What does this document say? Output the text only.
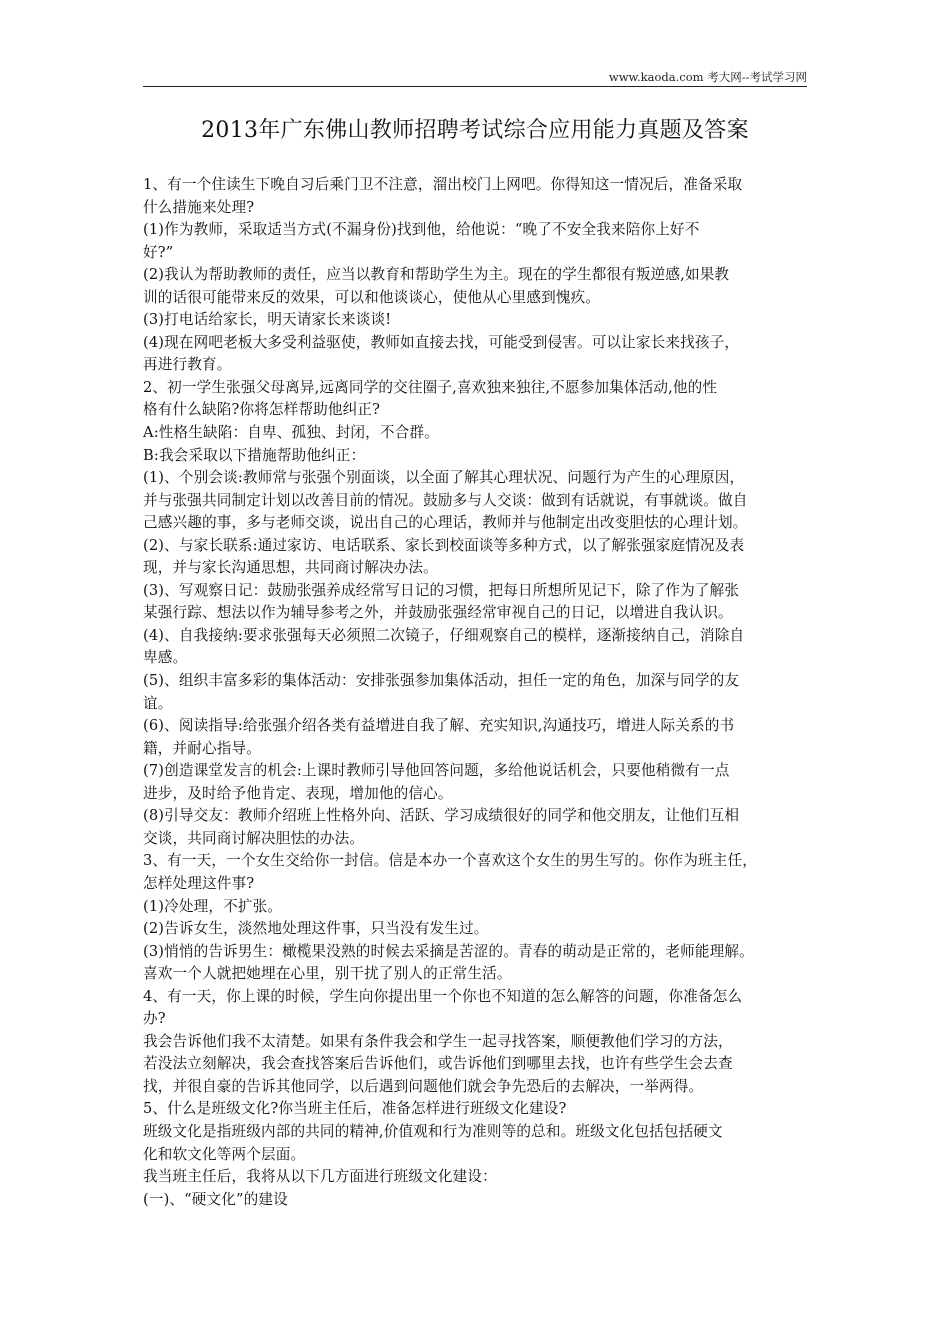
www.kaoda.com 考大网--考试学习网
2013年广东佛山教师招聘考试综合应用能力真题及答案

1、有一个住读生下晚自习后乘门卫不注意，溜出校门上网吧。你得知这一情况后，准备采取

什么措施来处理?

(1)作为教师，采取适当方式(不漏身份)找到他，给他说：“晚了不安全我来陪你上好不

好?”

(2)我认为帮助教师的责任，应当以教育和帮助学生为主。现在的学生都很有叛逆感,如果教

训的话很可能带来反的效果，可以和他谈谈心，使他从心里感到愧疚。

(3)打电话给家长，明天请家长来谈谈!

(4)现在网吧老板大多受利益驱使，教师如直接去找，可能受到侵害。可以让家长来找孩子，

再进行教育。

2、初一学生张强父母离异,远离同学的交往圈子,喜欢独来独往,不愿参加集体活动,他的性

格有什么缺陷?你将怎样帮助他纠正?

A:性格生缺陷：自卑、孤独、封闭，不合群。

B:我会采取以下措施帮助他纠正：

(1)、个别会谈:教师常与张强个别面谈，以全面了解其心理状况、问题行为产生的心理原因，

并与张强共同制定计划以改善目前的情况。鼓励多与人交谈：做到有话就说，有事就谈。做自

己感兴趣的事，多与老师交谈，说出自己的心理话，教师并与他制定出改变胆怯的心理计划。

(2)、与家长联系:通过家访、电话联系、家长到校面谈等多种方式，以了解张强家庭情况及表

现，并与家长沟通思想，共同商讨解决办法。

(3)、写观察日记：鼓励张强养成经常写日记的习惯，把每日所想所见记下，除了作为了解张

某强行踪、想法以作为辅导参考之外，并鼓励张强经常审视自己的日记，以增进自我认识。

(4)、自我接纳:要求张强每天必须照二次镜子，仔细观察自己的模样，逐渐接纳自己，消除自

卑感。

(5)、组织丰富多彩的集体活动：安排张强参加集体活动，担任一定的角色，加深与同学的友

谊。

(6)、阅读指导:给张强介绍各类有益增进自我了解、充实知识,沟通技巧，增进人际关系的书

籍，并耐心指导。

(7)创造课堂发言的机会:上课时教师引导他回答问题，多给他说话机会，只要他稍微有一点

进步，及时给予他肯定、表现，增加他的信心。

(8)引导交友：教师介绍班上性格外向、活跃、学习成绩很好的同学和他交朋友，让他们互相

交谈，共同商讨解决胆怯的办法。

3、有一天，一个女生交给你一封信。信是本办一个喜欢这个女生的男生写的。你作为班主任，

怎样处理这件事?

(1)冷处理，不扩张。

(2)告诉女生，淡然地处理这件事，只当没有发生过。

(3)悄悄的告诉男生：橄榄果没熟的时候去采摘是苦涩的。青春的萌动是正常的，老师能理解。

喜欢一个人就把她埋在心里，别干扰了别人的正常生活。

4、有一天，你上课的时候，学生向你提出里一个你也不知道的怎么解答的问题，你准备怎么

办?

我会告诉他们我不太清楚。如果有条件我会和学生一起寻找答案，顺便教他们学习的方法，

若没法立刻解决，我会查找答案后告诉他们，或告诉他们到哪里去找，也许有些学生会去查

找，并很自豪的告诉其他同学，以后遇到问题他们就会争先恐后的去解决，一举两得。

5、什么是班级文化?你当班主任后，准备怎样进行班级文化建设?

班级文化是指班级内部的共同的精神,价值观和行为准则等的总和。班级文化包括包括硬文

化和软文化等两个层面。

我当班主任后，我将从以下几方面进行班级文化建设：

(一)、“硬文化”的建设
